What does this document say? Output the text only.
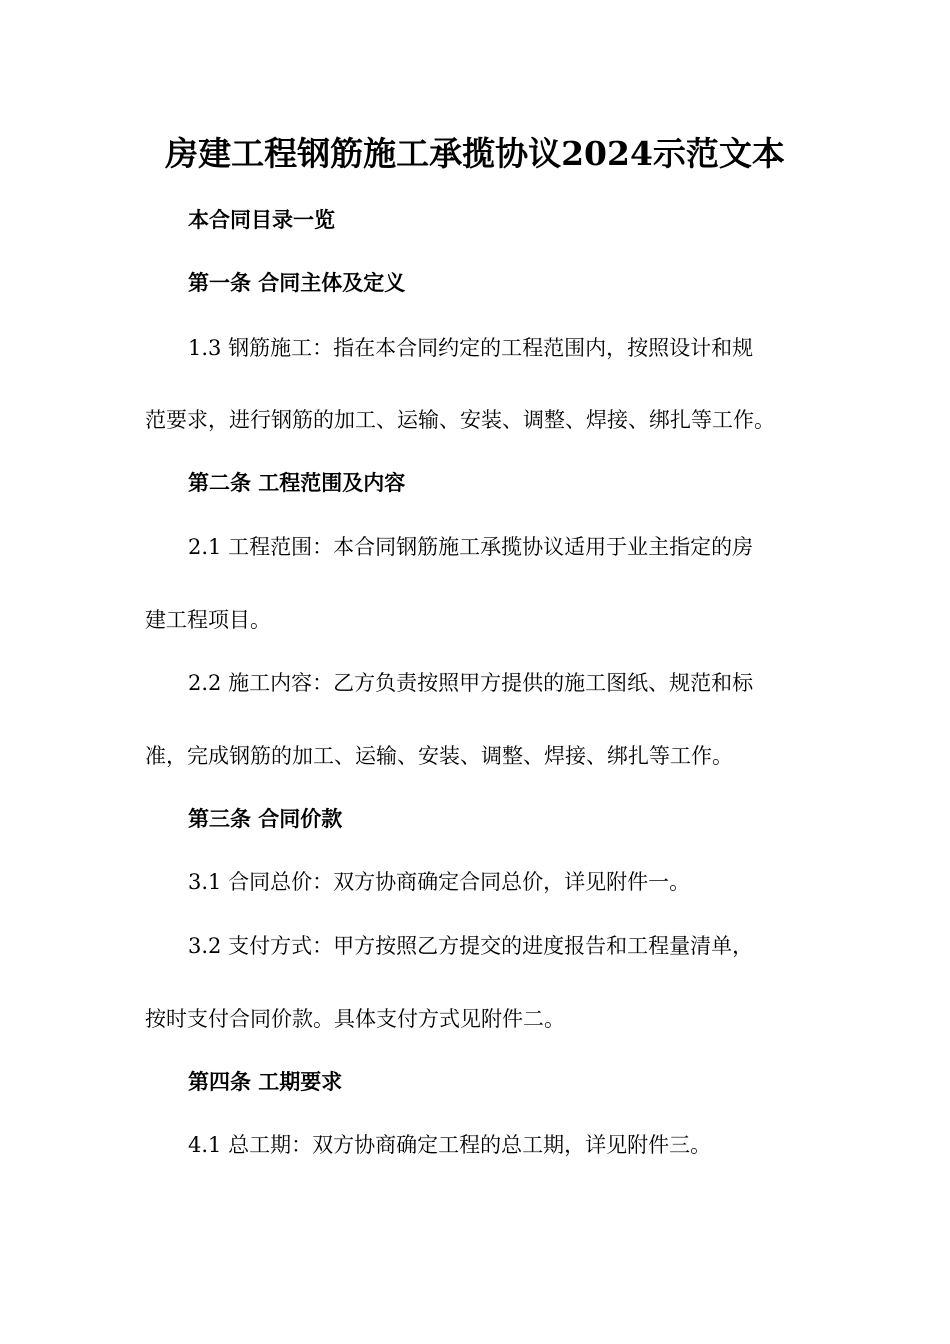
房建工程钢筋施工承揽协议2024示范文本
本合同目录一览
第一条 合同主体及定义
1.3 钢筋施工：指在本合同约定的工程范围内，按照设计和规
范要求，进行钢筋的加工、运输、安装、调整、焊接、绑扎等工作。
第二条 工程范围及内容
2.1 工程范围：本合同钢筋施工承揽协议适用于业主指定的房
建工程项目。
2.2 施工内容：乙方负责按照甲方提供的施工图纸、规范和标
准，完成钢筋的加工、运输、安装、调整、焊接、绑扎等工作。
第三条 合同价款
3.1 合同总价：双方协商确定合同总价，详见附件一。
3.2 支付方式：甲方按照乙方提交的进度报告和工程量清单，
按时支付合同价款。具体支付方式见附件二。
第四条 工期要求
4.1 总工期：双方协商确定工程的总工期，详见附件三。
